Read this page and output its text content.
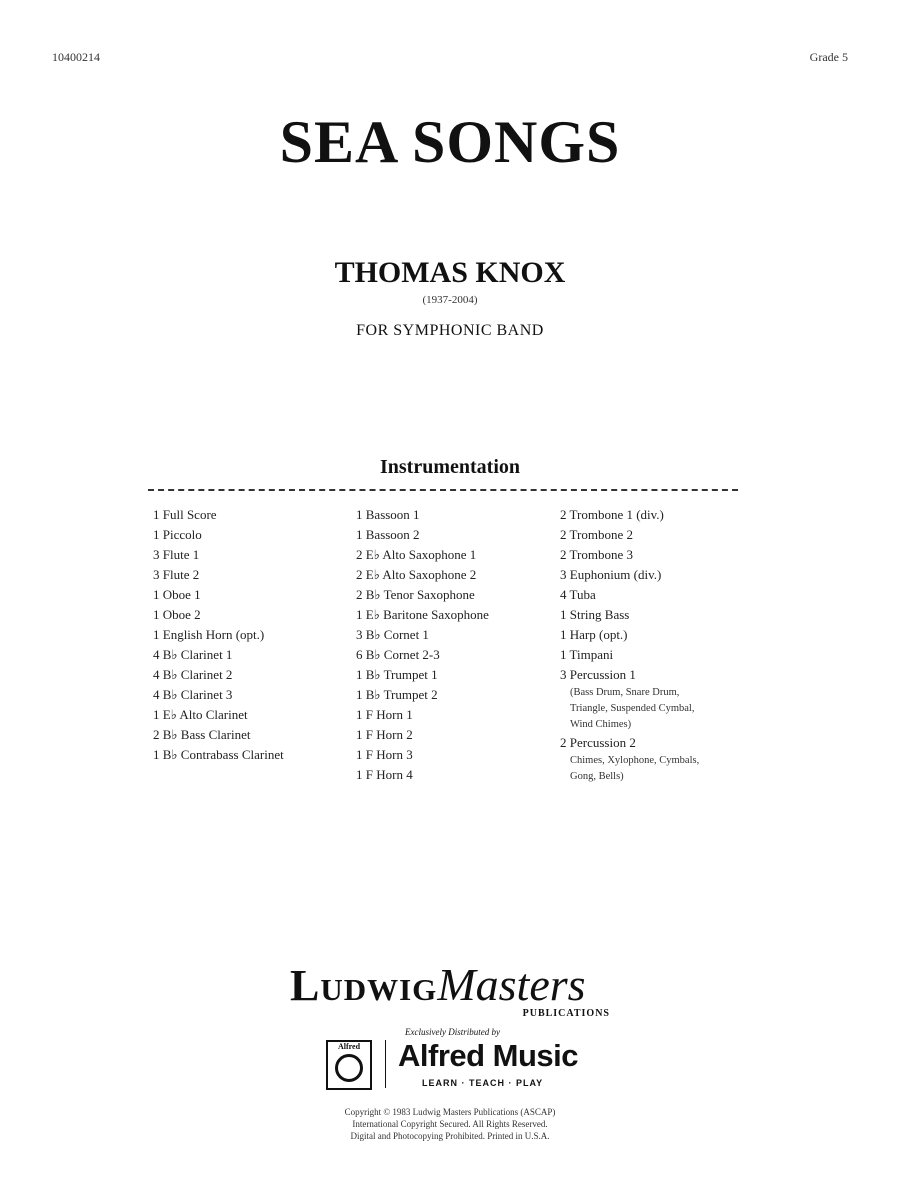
10400214	Grade 5
SEA SONGS
THOMAS KNOX
(1937-2004)
FOR SYMPHONIC BAND
Instrumentation
1 Full Score
1 Piccolo
3 Flute 1
3 Flute 2
1 Oboe 1
1 Oboe 2
1 English Horn (opt.)
4 B♭ Clarinet 1
4 B♭ Clarinet 2
4 B♭ Clarinet 3
1 E♭ Alto Clarinet
2 B♭ Bass Clarinet
1 B♭ Contrabass Clarinet
1 Bassoon 1
1 Bassoon 2
2 E♭ Alto Saxophone 1
2 E♭ Alto Saxophone 2
2 B♭ Tenor Saxophone
1 E♭ Baritone Saxophone
3 B♭ Cornet 1
6 B♭ Cornet 2-3
1 B♭ Trumpet 1
1 B♭ Trumpet 2
1 F Horn 1
1 F Horn 2
1 F Horn 3
1 F Horn 4
2 Trombone 1 (div.)
2 Trombone 2
2 Trombone 3
3 Euphonium (div.)
4 Tuba
1 String Bass
1 Harp (opt.)
1 Timpani
3 Percussion 1
(Bass Drum, Snare Drum,
Triangle, Suspended Cymbal,
Wind Chimes)
2 Percussion 2
Chimes, Xylophone, Cymbals,
Gong, Bells)
LudwigMasters
PUBLICATIONS
Exclusively Distributed by
Alfred	Alfred Music
LEARN · TEACH · PLAY
Copyright © 1983 Ludwig Masters Publications (ASCAP)
International Copyright Secured. All Rights Reserved.
Digital and Photocopying Prohibited. Printed in U.S.A.
